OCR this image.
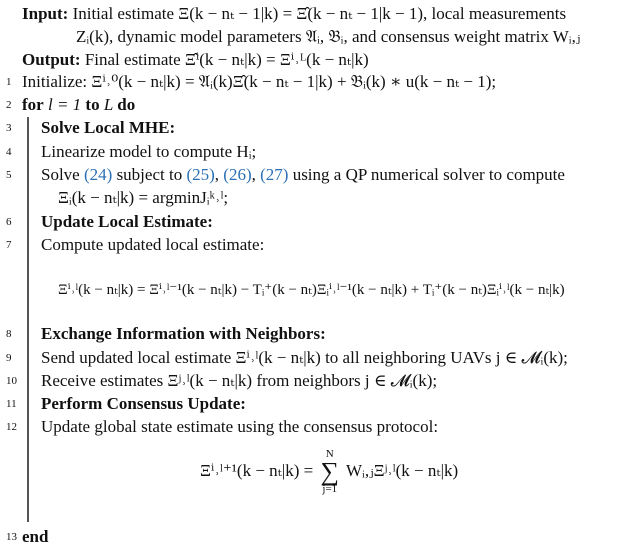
Input: Initial estimate Ξ(k − nₜ − 1|k) = Ξ̂(k − nₜ − 1|k − 1), local measurements
Zᵢ(k), dynamic model parameters 𝔄ᵢ, 𝔅ᵢ, and consensus weight matrix Wᵢ,ⱼ
Output: Final estimate Ξ̂ⁱ(k − nₜ|k) = Ξⁱ˒ᴸ(k − nₜ|k)
1 Initialize: Ξⁱ˒⁰(k − nₜ|k) = 𝔄ᵢ(k)Ξ̂(k − nₜ − 1|k) + 𝔅ᵢ(k) ∗ u(k − nₜ − 1);
2 for l = 1 to L do
3	Solve Local MHE:
4	Linearize model to compute Hᵢ;
5	Solve (24) subject to (25), (26), (27) using a QP numerical solver to compute
Ξᵢ(k − nₜ|k) = argminJᵢᵏ˒ˡ;
6	Update Local Estimate:
7	Compute updated local estimate:
Ξⁱ˒ˡ(k − nₜ|k) = Ξⁱ˒ˡ⁻¹(k − nₜ|k) − Tᵢ⁺(k − nₜ)Ξᵢⁱ˒ˡ⁻¹(k − nₜ|k) + Tᵢ⁺(k − nₜ)Ξᵢⁱ˒ˡ(k − nₜ|k)
8	Exchange Information with Neighbors:
9	Send updated local estimate Ξⁱ˒ˡ(k − nₜ|k) to all neighboring UAVs j ∈ 𝓜ᵢ(k);
10 Receive estimates Ξʲ˒ˡ(k − nₜ|k) from neighbors j ∈ 𝓜ᵢ(k);
11	Perform Consensus Update:
12 Update global state estimate using the consensus protocol:
Ξⁱ˒ˡ⁺¹(k − nₜ|k) =
N
∑
j=1
Wᵢ,ⱼΞʲ˒ˡ(k − nₜ|k)
13 end
